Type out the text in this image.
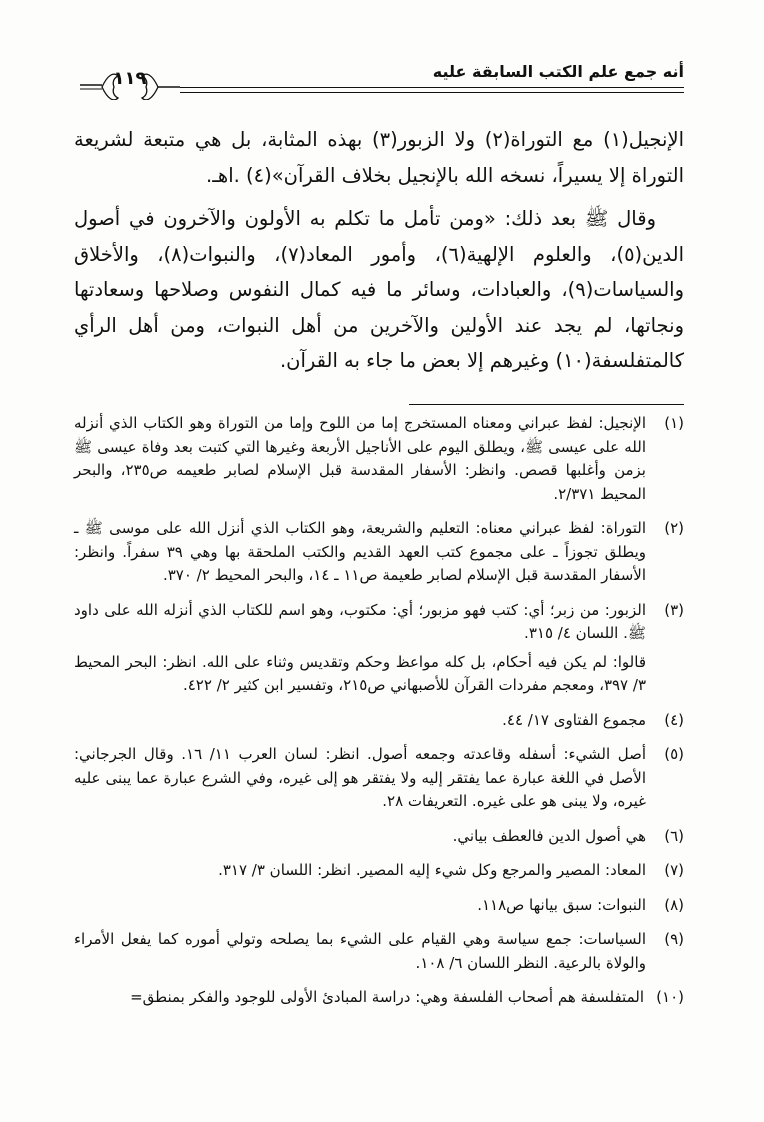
أنه جمع علم الكتب السابقة عليه
١١٩

الإنجيل(١) مع التوراة(٢) ولا الزبور(٣) بهذه المثابة، بل هي متبعة لشريعة التوراة إلا يسيراً، نسخه الله بالإنجيل بخلاف القرآن»(٤) .اهـ.

وقال ﷺ بعد ذلك: «ومن تأمل ما تكلم به الأولون والآخرون في أصول الدين(٥)، والعلوم الإلهية(٦)، وأمور المعاد(٧)، والنبوات(٨)، والأخلاق والسياسات(٩)، والعبادات، وسائر ما فيه كمال النفوس وصلاحها وسعادتها ونجاتها، لم يجد عند الأولين والآخرين من أهل النبوات، ومن أهل الرأي كالمتفلسفة(١٠) وغيرهم إلا بعض ما جاء به القرآن.

(١)

الإنجيل: لفظ عبراني ومعناه المستخرج إما من اللوح وإما من التوراة وهو الكتاب الذي أنزله الله على عيسى ﷺ، ويطلق اليوم على الأناجيل الأربعة وغيرها التي كتبت بعد وفاة عيسى ﷺ بزمن وأغلبها قصص. وانظر: الأسفار المقدسة قبل الإسلام لصابر طعيمه ص٢٣٥، والبحر المحيط ٢/٣٧١.

(٢)

التوراة: لفظ عبراني معناه: التعليم والشريعة، وهو الكتاب الذي أنزل الله على موسى ﷺ ـ ويطلق تجوزاً ـ على مجموع كتب العهد القديم والكتب الملحقة بها وهي ٣٩ سفراً. وانظر: الأسفار المقدسة قبل الإسلام لصابر طعيمة ص١١ ـ ١٤، والبحر المحيط ٢/ ٣٧٠.

(٣)

الزبور: من زبر؛ أي: كتب فهو مزبور؛ أي: مكتوب، وهو اسم للكتاب الذي أنزله الله على داود ﷺ. اللسان ٤/ ٣١٥.

قالوا: لم يكن فيه أحكام، بل كله مواعظ وحكم وتقديس وثناء على الله. انظر: البحر المحيط ٣/ ٣٩٧، ومعجم مفردات القرآن للأصبهاني ص٢١٥، وتفسير ابن كثير ٢/ ٤٢٢.

(٤)

مجموع الفتاوى ١٧/ ٤٤.

(٥)

أصل الشيء: أسفله وقاعدته وجمعه أصول. انظر: لسان العرب ١١/ ١٦. وقال الجرجاني: الأصل في اللغة عبارة عما يفتقر إليه ولا يفتقر هو إلى غيره، وفي الشرع عبارة عما يبنى عليه غيره، ولا يبنى هو على غيره. التعريفات ٢٨.

(٦)

هي أصول الدين فالعطف بياني.

(٧)

المعاد: المصير والمرجع وكل شيء إليه المصير. انظر: اللسان ٣/ ٣١٧.

(٨)

النبوات: سبق بيانها ص١١٨.

(٩)

السياسات: جمع سياسة وهي القيام على الشيء بما يصلحه وتولي أموره كما يفعل الأمراء والولاة بالرعية. النظر اللسان ٦/ ١٠٨.

(١٠)

المتفلسفة هم أصحاب الفلسفة وهي: دراسة المبادئ الأولى للوجود والفكر بمنطق=
